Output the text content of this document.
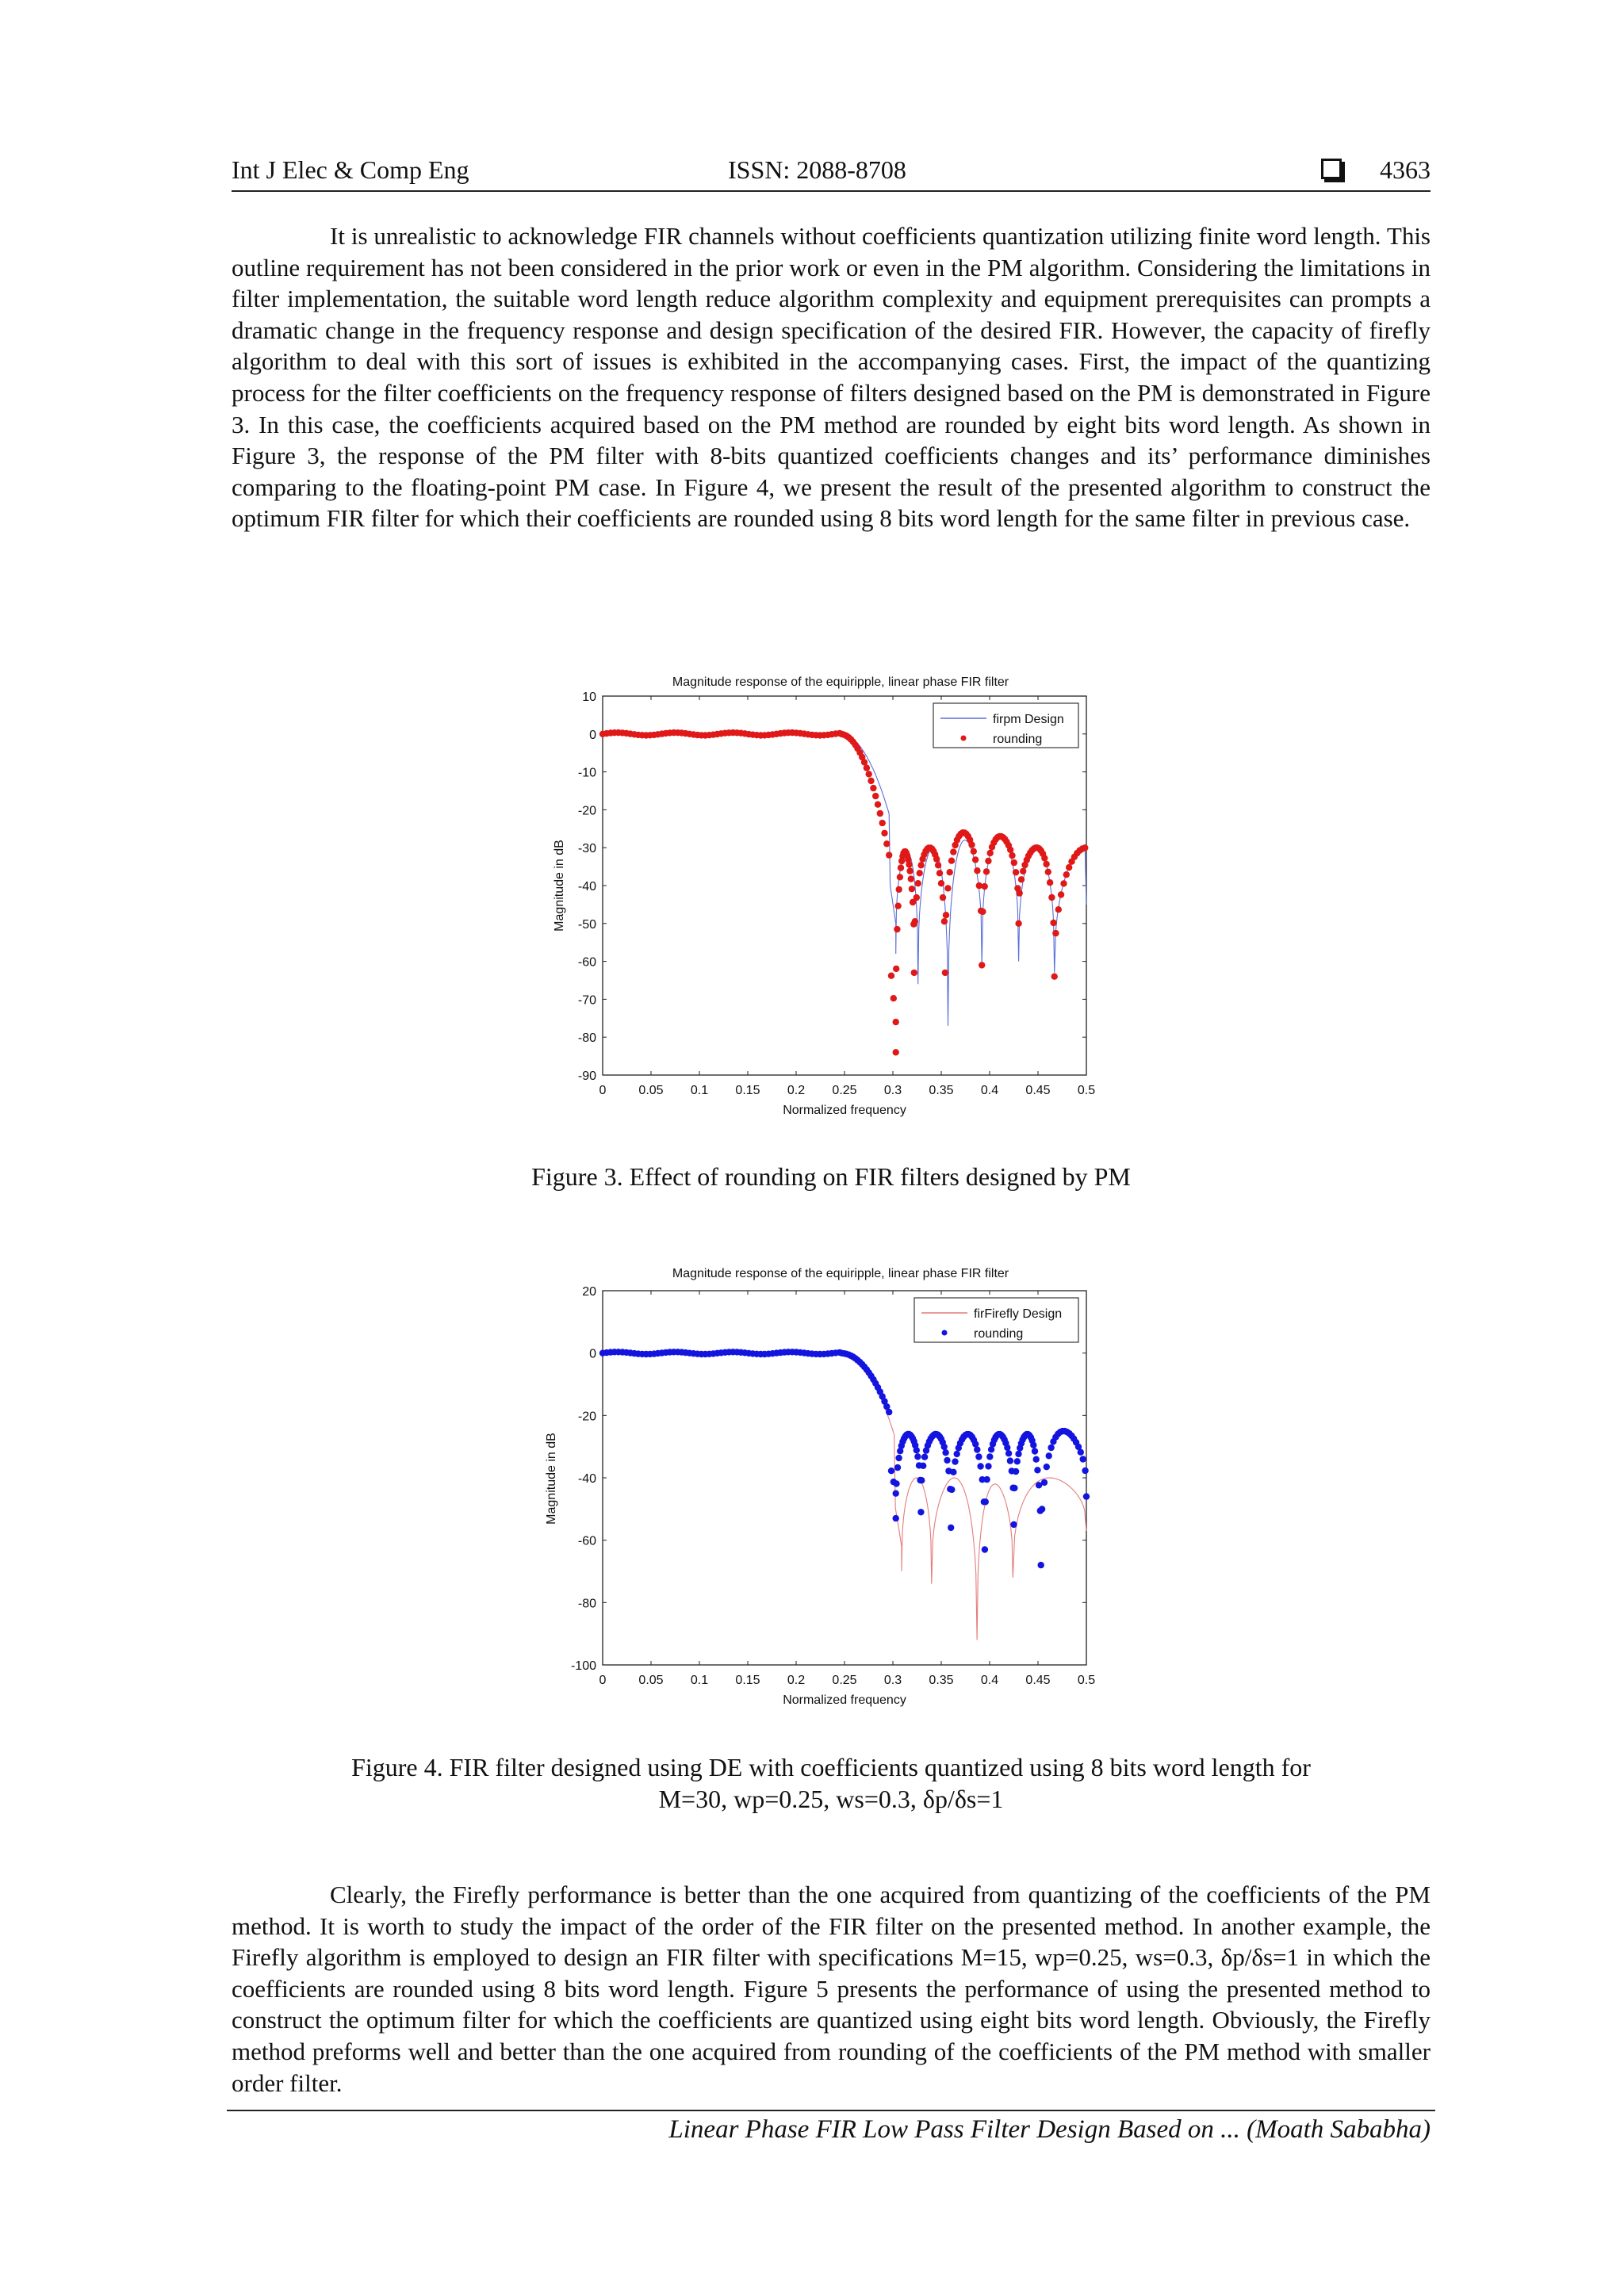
Int J Elec & Comp Eng	ISSN: 2088-8708	4363

It is unrealistic to acknowledge FIR channels without coefficients quantization utilizing finite word length. This outline requirement has not been considered in the prior work or even in the PM algorithm. Considering the limitations in filter implementation, the suitable word length reduce algorithm complexity and equipment prerequisites can prompts a dramatic change in the frequency response and design specification of the desired FIR. However, the capacity of firefly algorithm to deal with this sort of issues is exhibited in the accompanying cases. First, the impact of the quantizing process for the filter coefficients on the frequency response of filters designed based on the PM is demonstrated in Figure 3. In this case, the coefficients acquired based on the PM method are rounded by eight bits word length. As shown in Figure 3, the response of the PM filter with 8-bits quantized coefficients changes and its’ performance diminishes comparing to the floating-point PM case. In Figure 4, we present the result of the presented algorithm to construct the optimum FIR filter for which their coefficients are rounded using 8 bits word length for the same filter in previous case.

Magnitude response of the equiripple, linear phase FIR filter
0	0.05 0.1 0.15 0.2 0.25 0.3 0.35 0.4 0.45 0.5
10
0
-10
-20
-30
-40
-50
-60
-70
-80
-90
Normalized frequency
Magnitude in dB
firpm Design
rounding

Figure 3. Effect of rounding on FIR filters designed by PM

Magnitude response of the equiripple, linear phase FIR filter
0	0.05 0.1 0.15 0.2 0.25 0.3 0.35 0.4 0.45 0.5
20
0
-20
-40
-60
-80
-100
Normalized frequency
Magnitude in dB
firFirefly Design
rounding

Figure 4. FIR filter designed using DE with coefficients quantized using 8 bits word length for
M=30, wp=0.25, ws=0.3, δp/δs=1

Clearly, the Firefly performance is better than the one acquired from quantizing of the coefficients of the PM method. It is worth to study the impact of the order of the FIR filter on the presented method. In another example, the Firefly algorithm is employed to design an FIR filter with specifications M=15, wp=0.25, ws=0.3, δp/δs=1 in which the coefficients are rounded using 8 bits word length. Figure 5 presents the performance of using the presented method to construct the optimum filter for which the coefficients are quantized using eight bits word length. Obviously, the Firefly method preforms well and better than the one acquired from rounding of the coefficients of the PM method with smaller order filter.

Linear Phase FIR Low Pass Filter Design Based on ... (Moath Sababha)
